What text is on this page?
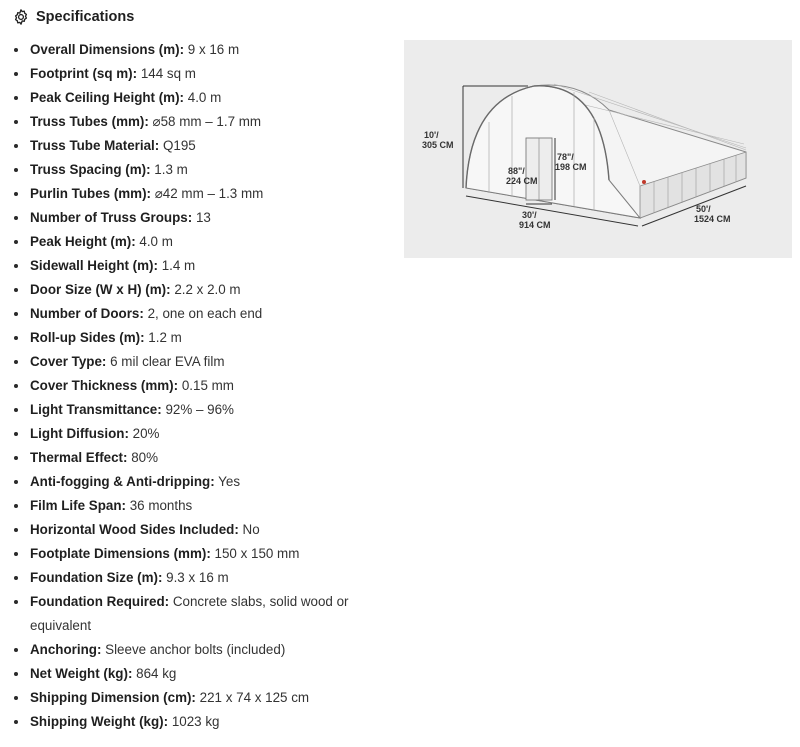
Specifications
Overall Dimensions (m): 9 x 16 m
Footprint (sq m): 144 sq m
Peak Ceiling Height (m): 4.0 m
Truss Tubes (mm): ⌀58 mm – 1.7 mm
Truss Tube Material: Q195
Truss Spacing (m): 1.3 m
Purlin Tubes (mm): ⌀42 mm – 1.3 mm
Number of Truss Groups: 13
Peak Height (m): 4.0 m
Sidewall Height (m): 1.4 m
Door Size (W x H) (m): 2.2 x 2.0 m
Number of Doors: 2, one on each end
Roll-up Sides (m): 1.2 m
Cover Type: 6 mil clear EVA film
Cover Thickness (mm): 0.15 mm
Light Transmittance: 92% – 96%
Light Diffusion: 20%
Thermal Effect: 80%
Anti-fogging & Anti-dripping: Yes
Film Life Span: 36 months
Horizontal Wood Sides Included: No
Footplate Dimensions (mm): 150 x 150 mm
Foundation Size (m): 9.3 x 16 m
Foundation Required: Concrete slabs, solid wood or equivalent
Anchoring: Sleeve anchor bolts (included)
Net Weight (kg): 864 kg
Shipping Dimension (cm): 221 x 74 x 125 cm
Shipping Weight (kg): 1023 kg
10'/
305 CM
88"/
224 CM
78"/
198 CM
30'/
914 CM
50'/
1524 CM
